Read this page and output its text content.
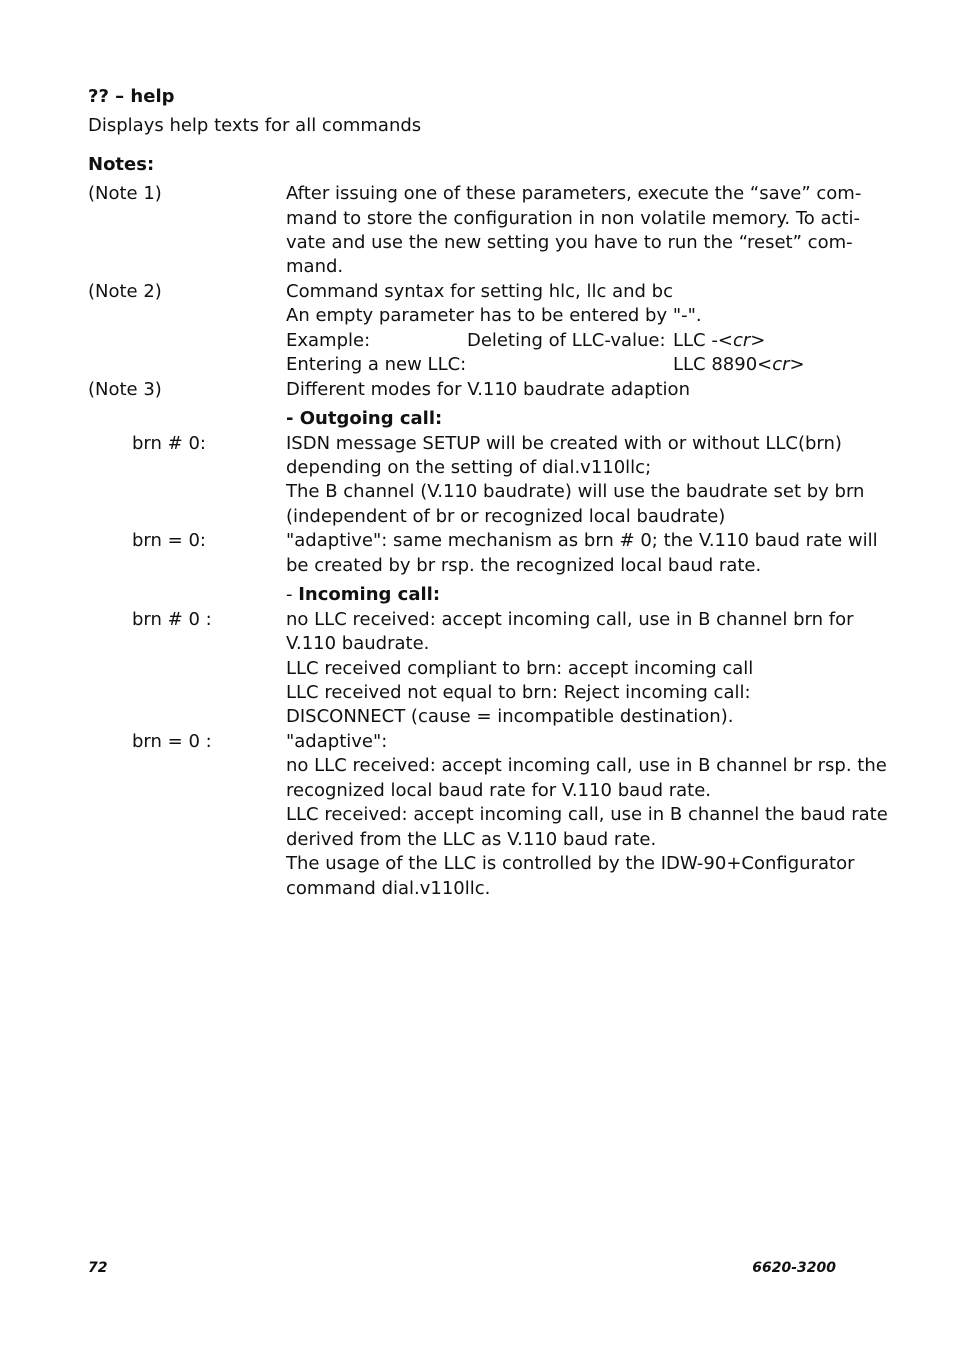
?? – help
Displays help texts for all commands
Notes:
(Note 1)	After issuing one of these parameters, execute the “save” com-
mand to store the configuration in non volatile memory. To acti-
vate and use the new setting you have to run the “reset” com-
mand.
(Note 2)	Command syntax for setting hlc, llc and bc
An empty parameter has to be entered by "-".
Example:	Deleting of LLC-value: LLC -<cr>
Entering a new LLC:	LLC 8890<cr>
(Note 3)	Different modes for V.110 baudrate adaption
- Outgoing call:
brn # 0:	ISDN message SETUP will be created with or without LLC(brn)
depending on the setting of dial.v110llc;
The B channel (V.110 baudrate) will use the baudrate set by brn
(independent of br or recognized local baudrate)
brn = 0:	"adaptive": same mechanism as brn # 0; the V.110 baud rate will
be created by br rsp. the recognized local baud rate.
- Incoming call:
brn # 0 :	no LLC received: accept incoming call, use in B channel brn for
V.110 baudrate.
LLC received compliant to brn: accept incoming call
LLC received not equal to brn: Reject incoming call:
DISCONNECT (cause = incompatible destination).
brn = 0 :	"adaptive":
no LLC received: accept incoming call, use in B channel br rsp. the
recognized local baud rate for V.110 baud rate.
LLC received: accept incoming call, use in B channel the baud rate
derived from the LLC as V.110 baud rate.
The usage of the LLC is controlled by the IDW-90+Configurator
command dial.v110llc.
72	6620-3200
